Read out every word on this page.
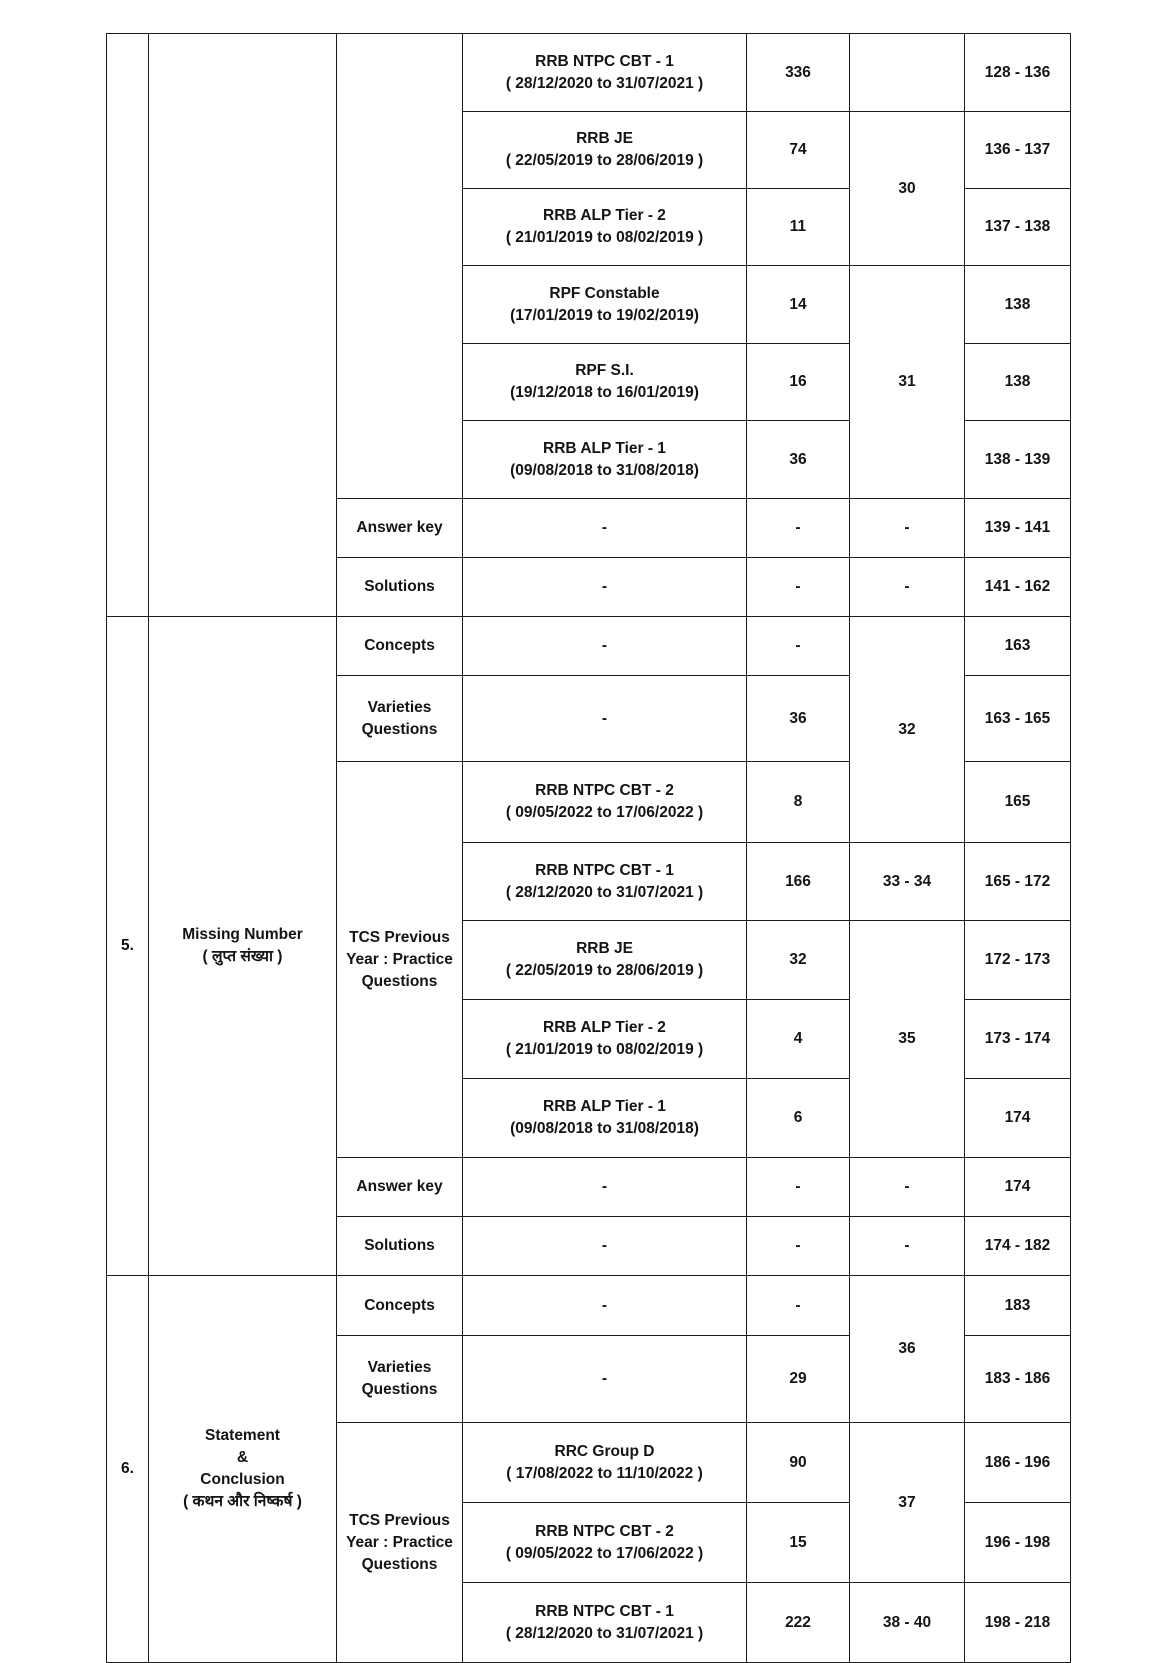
			RRB NTPC CBT - 1
( 28/12/2020 to 31/07/2021 )	336		128 - 136

			RRB JE
( 22/05/2019 to 28/06/2019 )	74	30	136 - 137

			RRB ALP Tier - 2
( 21/01/2019 to 08/02/2019 )	11		137 - 138

			RPF Constable
(17/01/2019 to 19/02/2019)	14	31	138

			RPF S.I.
(19/12/2018 to 16/01/2019)	16		138

			RRB ALP Tier - 1
(09/08/2018 to 31/08/2018)	36		138 - 139
		Answer key	-	-	-	139 - 141
		Solutions	-	-	-	141 - 162
5.	Missing Number
( लुप्त संख्या )	Concepts	-	-	32	163
		Varieties Questions	-	36		163 - 165
		TCS Previous Year : Practice Questions	RRB NTPC CBT - 2
( 09/05/2022 to 17/06/2022 )	8		165

			RRB NTPC CBT - 1
( 28/12/2020 to 31/07/2021 )	166	33 - 34	165 - 172

			RRB JE
( 22/05/2019 to 28/06/2019 )	32	35	172 - 173

			RRB ALP Tier - 2
( 21/01/2019 to 08/02/2019 )	4		173 - 174

			RRB ALP Tier - 1
(09/08/2018 to 31/08/2018)	6		174
		Answer key	-	-	-	174
		Solutions	-	-	-	174 - 182
6.	Statement
&
Conclusion
( कथन और निष्कर्ष )	Concepts	-	-	36	183
		Varieties Questions	-	29		183 - 186
		TCS Previous Year : Practice Questions	RRC Group D
( 17/08/2022 to 11/10/2022 )	90	37	186 - 196

			RRB NTPC CBT - 2
( 09/05/2022 to 17/06/2022 )	15		196 - 198

			RRB NTPC CBT - 1
( 28/12/2020 to 31/07/2021 )	222	38 - 40	198 - 218
